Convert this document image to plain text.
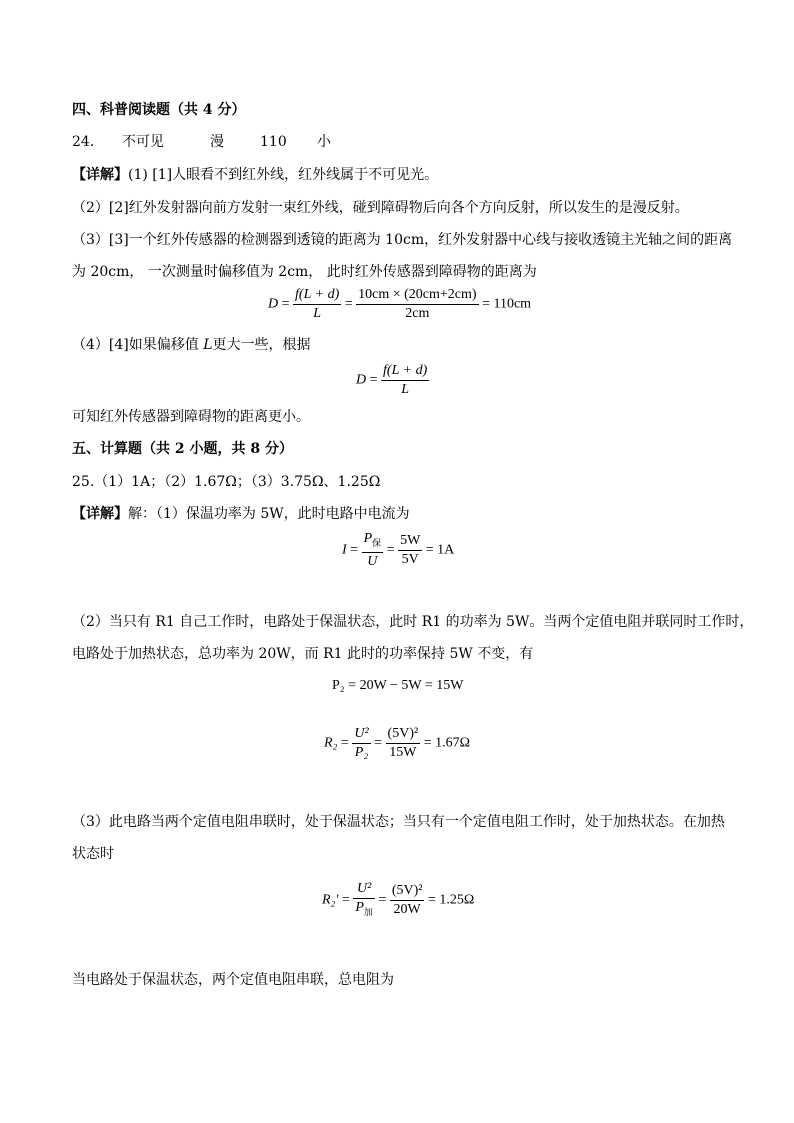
四、科普阅读题（共 4 分）
24． 不可见	漫	110 小
【详解】(1) [1]人眼看不到红外线，红外线属于不可见光。
（2）[2]红外发射器向前方发射一束红外线，碰到障碍物后向各个方向反射，所以发生的是漫反射。
（3）[3]一个红外传感器的检测器到透镜的距离为 10cm，红外发射器中心线与接收透镜主光轴之间的距离
为 20cm， 一次测量时偏移值为 2cm， 此时红外传感器到障碍物的距离为
$D = \frac{f(L + d)}{L} = \frac{10cm \times (20cm+2cm)}{2cm} = 110cm$
（4）[4]如果偏移值 L更大一些，根据
$D = \frac{f(L + d)}{L}$
可知红外传感器到障碍物的距离更小。
五、计算题（共 2 小题，共 8 分）
25.（1）1A；（2）1.67Ω；（3）3.75Ω、1.25Ω
【详解】解：（1）保温功率为 5W，此时电路中电流为
$I = \frac{P_保}{U} = \frac{5W}{5V} = 1A$
（2）当只有 R1 自己工作时，电路处于保温状态，此时 R1 的功率为 5W。当两个定值电阻并联同时工作时，
电路处于加热状态，总功率为 20W，而 R1 此时的功率保持 5W 不变，有
P₂ = 20W − 5W = 15W
$R_2 = \frac{\text{U²}}{\text{P₂}} = \frac{\text{(5V)²}}{15W} = 1.67\Omega$
（3）此电路当两个定值电阻串联时，处于保温状态；当只有一个定值电阻工作时，处于加热状态。在加热
状态时
$R_2' = \frac{\text{U²}}{P_加} = \frac{\text{(5V)²}}{20W} = 1.25\Omega$
当电路处于保温状态，两个定值电阻串联，总电阻为
